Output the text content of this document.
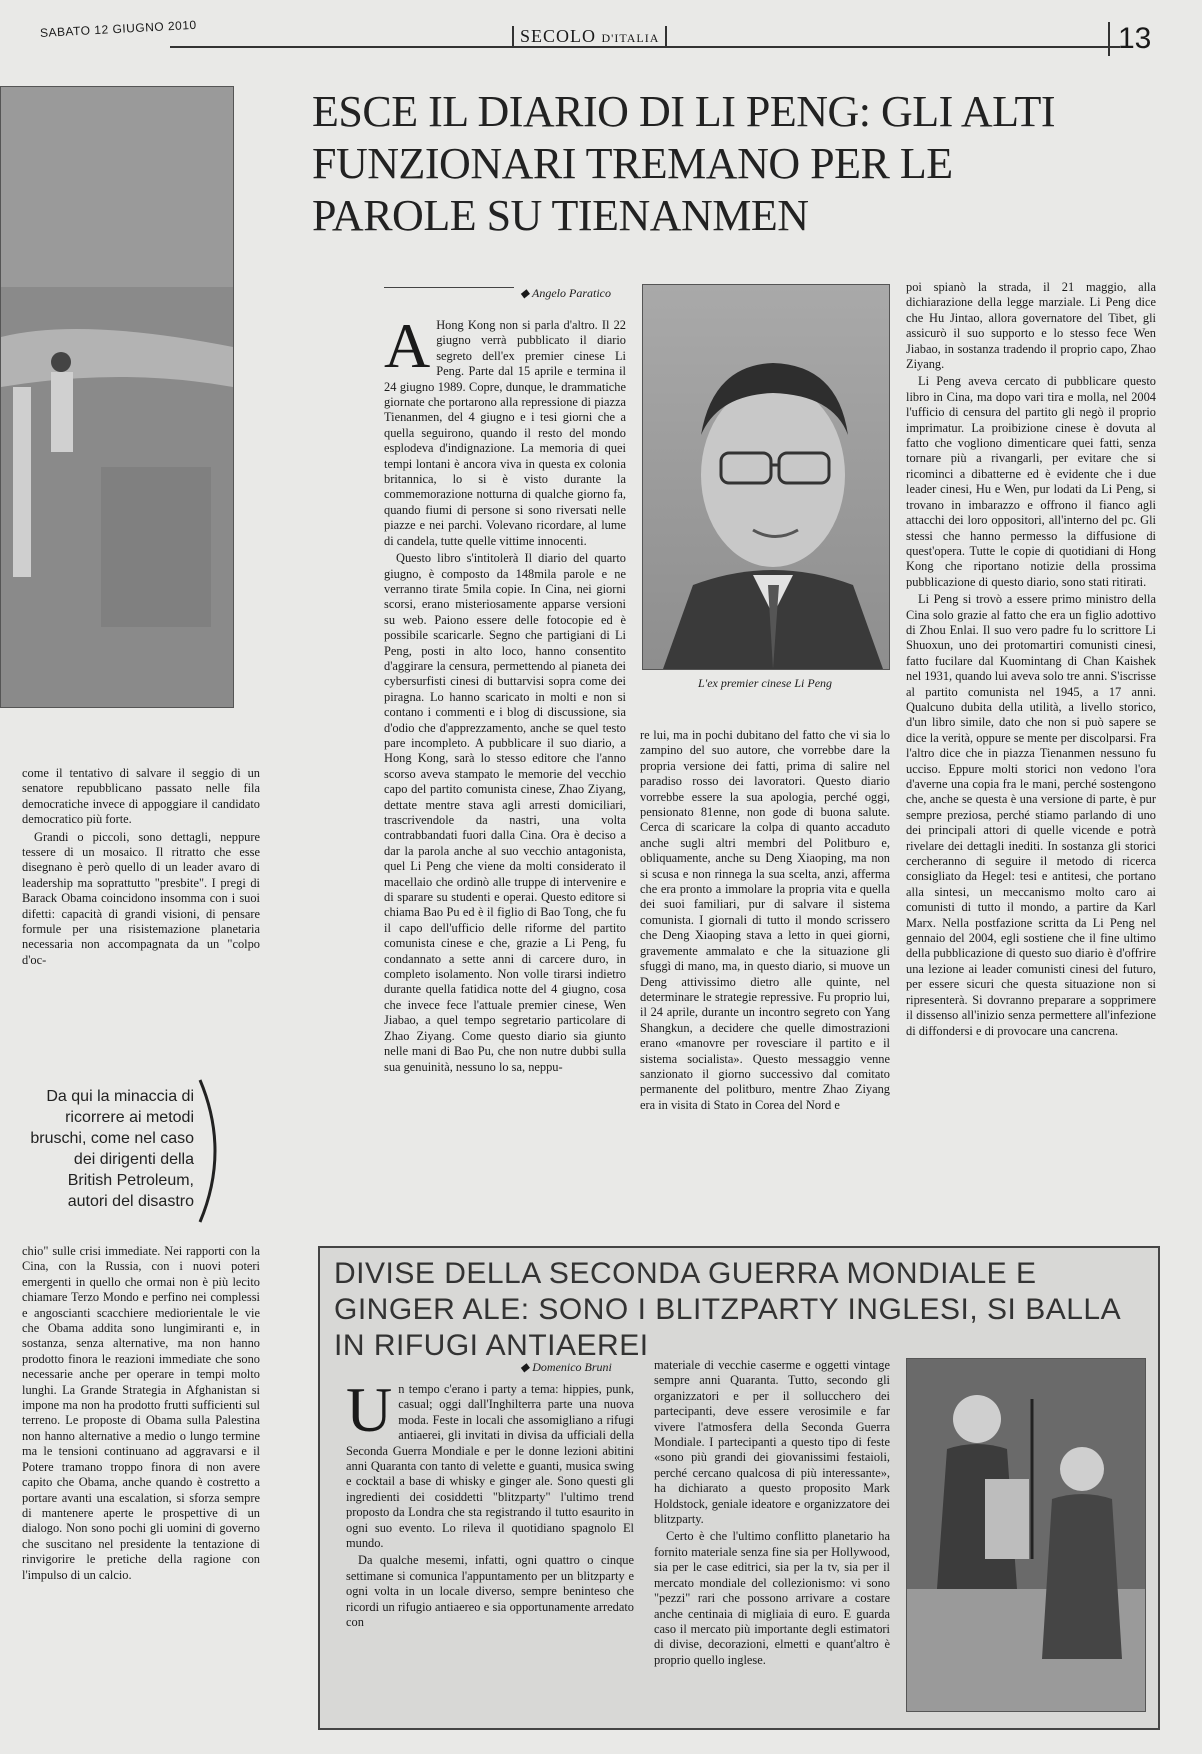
SABATO 12 GIUGNO 2010	SECOLO D'ITALIA	13
ESCE IL DIARIO DI LI PENG: GLI ALTI FUNZIONARI TREMANO PER LE PAROLE SU TIENANMEN
◆ Angelo Paratico
A Hong Kong non si parla d'altro. Il 22 giugno verrà pubblicato il diario segreto dell'ex premier cinese Li Peng. Parte dal 15 aprile e termina il 24 giugno 1989. Copre, dunque, le drammatiche giornate che portarono alla repressione di piazza Tienanmen, del 4 giugno e i tesi giorni che a quella seguirono, quando il resto del mondo esplodeva d'indignazione. La memoria di quei tempi lontani è ancora viva in questa ex colonia britannica, lo si è visto durante la commemorazione notturna di qualche giorno fa, quando fiumi di persone si sono riversati nelle piazze e nei parchi. Volevano ricordare, al lume di candela, tutte quelle vittime innocenti.

Questo libro s'intitolerà Il diario del quarto giugno, è composto da 148mila parole e ne verranno tirate 5mila copie. In Cina, nei giorni scorsi, erano misteriosamente apparse versioni su web. Paiono essere delle fotocopie ed è possibile scaricarle. Segno che partigiani di Li Peng, posti in alto loco, hanno consentito d'aggirare la censura, permettendo al pianeta dei cybersurfisti cinesi di buttarvisi sopra come dei piragna. Lo hanno scaricato in molti e non si contano i commenti e i blog di discussione, sia d'odio che d'apprezzamento, anche se quel testo pare incompleto. A pubblicare il suo diario, a Hong Kong, sarà lo stesso editore che l'anno scorso aveva stampato le memorie del vecchio capo del partito comunista cinese, Zhao Ziyang, dettate mentre stava agli arresti domiciliari, trascrivendole da nastri, una volta contrabbandati fuori dalla Cina. Ora è deciso a dar la parola anche al suo vecchio antagonista, quel Li Peng che viene da molti considerato il macellaio che ordinò alle truppe di intervenire e di sparare su studenti e operai. Questo editore si chiama Bao Pu ed è il figlio di Bao Tong, che fu il capo dell'ufficio delle riforme del partito comunista cinese e che, grazie a Li Peng, fu condannato a sette anni di carcere duro, in completo isolamento. Non volle tirarsi indietro durante quella fatidica notte del 4 giugno, cosa che invece fece l'attuale premier cinese, Wen Jiabao, a quel tempo segretario particolare di Zhao Ziyang. Come questo diario sia giunto nelle mani di Bao Pu, che non nutre dubbi sulla sua genuinità, nessuno lo sa, neppu-

L'ex premier cinese Li Peng

re lui, ma in pochi dubitano del fatto che vi sia lo zampino del suo autore, che vorrebbe dare la propria versione dei fatti, prima di salire nel paradiso rosso dei lavoratori. Questo diario vorrebbe essere la sua apologia, perché oggi, pensionato 81enne, non gode di buona salute. Cerca di scaricare la colpa di quanto accaduto anche sugli altri membri del Politburo e, obliquamente, anche su Deng Xiaoping, ma non si scusa e non rinnega la sua scelta, anzi, afferma che era pronto a immolare la propria vita e quella dei suoi familiari, pur di salvare il sistema comunista. I giornali di tutto il mondo scrissero che Deng Xiaoping stava a letto in quei giorni, gravemente ammalato e che la situazione gli sfuggì di mano, ma, in questo diario, si muove un Deng attivissimo dietro alle quinte, nel determinare le strategie repressive. Fu proprio lui, il 24 aprile, durante un incontro segreto con Yang Shangkun, a decidere che quelle dimostrazioni erano «manovre per rovesciare il partito e il sistema socialista». Questo messaggio venne sanzionato il giorno successivo dal comitato permanente del politburo, mentre Zhao Ziyang era in visita di Stato in Corea del Nord e

poi spianò la strada, il 21 maggio, alla dichiarazione della legge marziale. Li Peng dice che Hu Jintao, allora governatore del Tibet, gli assicurò il suo supporto e lo stesso fece Wen Jiabao, in sostanza tradendo il proprio capo, Zhao Ziyang.

Li Peng aveva cercato di pubblicare questo libro in Cina, ma dopo vari tira e molla, nel 2004 l'ufficio di censura del partito gli negò il proprio imprimatur. La proibizione cinese è dovuta al fatto che vogliono dimenticare quei fatti, senza tornare più a rivangarli, per evitare che si ricominci a dibatterne ed è evidente che i due leader cinesi, Hu e Wen, pur lodati da Li Peng, si trovano in imbarazzo e offrono il fianco agli attacchi dei loro oppositori, all'interno del pc. Gli stessi che hanno permesso la diffusione di quest'opera. Tutte le copie di quotidiani di Hong Kong che riportano notizie della prossima pubblicazione di questo diario, sono stati ritirati.

Li Peng si trovò a essere primo ministro della Cina solo grazie al fatto che era un figlio adottivo di Zhou Enlai. Il suo vero padre fu lo scrittore Li Shuoxun, uno dei protomartiri comunisti cinesi, fatto fucilare dal Kuomintang di Chan Kaishek nel 1931, quando lui aveva solo tre anni. S'iscrisse al partito comunista nel 1945, a 17 anni. Qualcuno dubita della utilità, a livello storico, d'un libro simile, dato che non si può sapere se dice la verità, oppure se mente per discolparsi. Fra l'altro dice che in piazza Tienanmen nessuno fu ucciso. Eppure molti storici non vedono l'ora d'averne una copia fra le mani, perché sostengono che, anche se questa è una versione di parte, è pur sempre preziosa, perché stiamo parlando di uno dei principali attori di quelle vicende e potrà rivelare dei dettagli inediti. In sostanza gli storici cercheranno di seguire il metodo di ricerca consigliato da Hegel: tesi e antitesi, che portano alla sintesi, un meccanismo molto caro ai comunisti di tutto il mondo, a partire da Karl Marx. Nella postfazione scritta da Li Peng nel gennaio del 2004, egli sostiene che il fine ultimo della pubblicazione di questo suo diario è d'offrire una lezione ai leader comunisti cinesi del futuro, per essere sicuri che questa situazione non si ripresenterà. Si dovranno preparare a sopprimere il dissenso all'inizio senza permettere all'infezione di diffondersi e di provocare una cancrena.

come il tentativo di salvare il seggio di un senatore repubblicano passato nelle fila democratiche invece di appoggiare il candidato democratico più forte.

Grandi o piccoli, sono dettagli, neppure tessere di un mosaico. Il ritratto che esse disegnano è però quello di un leader avaro di leadership ma soprattutto "presbite". I pregi di Barack Obama coincidono insomma con i suoi difetti: capacità di grandi visioni, di pensare formule per una risistemazione planetaria necessaria non accompagnata da un "colpo d'oc-

Da qui la minaccia di ricorrere ai metodi bruschi, come nel caso dei dirigenti della British Petroleum, autori del disastro

chio" sulle crisi immediate. Nei rapporti con la Cina, con la Russia, con i nuovi poteri emergenti in quello che ormai non è più lecito chiamare Terzo Mondo e perfino nei complessi e angoscianti scacchiere mediorientale le vie che Obama addita sono lungimiranti e, in sostanza, senza alternative, ma non hanno prodotto finora le reazioni immediate che sono necessarie anche per operare in tempi molto lunghi. La Grande Strategia in Afghanistan si impone ma non ha prodotto frutti sufficienti sul terreno. Le proposte di Obama sulla Palestina non hanno alternative a medio o lungo termine ma le tensioni continuano ad aggravarsi e il Potere tramano troppo finora di non avere capito che Obama, anche quando è costretto a portare avanti una escalation, si sforza sempre di mantenere aperte le prospettive di un dialogo. Non sono pochi gli uomini di governo che suscitano nel presidente la tentazione di rinvigorire le pretiche della ragione con l'impulso di un calcio.

DIVISE DELLA SECONDA GUERRA MONDIALE E GINGER ALE: SONO I BLITZPARTY INGLESI, SI BALLA IN RIFUGI ANTIAEREI
◆ Domenico Bruni
U n tempo c'erano i party a tema: hippies, punk, casual; oggi dall'Inghilterra parte una nuova moda. Feste in locali che assomigliano a rifugi antiaerei, gli invitati in divisa da ufficiali della Seconda Guerra Mondiale e per le donne lezioni abitini anni Quaranta con tanto di velette e guanti, musica swing e cocktail a base di whisky e ginger ale. Sono questi gli ingredienti dei cosiddetti "blitzparty" l'ultimo trend proposto da Londra che sta registrando il tutto esaurito in ogni suo evento. Lo rileva il quotidiano spagnolo El mundo.

Da qualche mesemi, infatti, ogni quattro o cinque settimane si comunica l'appuntamento per un blitzparty e ogni volta in un locale diverso, sempre beninteso che ricordi un rifugio antiaereo e sia opportunamente arredato con

materiale di vecchie caserme e oggetti vintage sempre anni Quaranta. Tutto, secondo gli organizzatori e per il sollucchero dei partecipanti, deve essere verosimile e far vivere l'atmosfera della Seconda Guerra Mondiale. I partecipanti a questo tipo di feste «sono più grandi dei giovanissimi festaioli, perché cercano qualcosa di più interessante», ha dichiarato a questo proposito Mark Holdstock, geniale ideatore e organizzatore dei blitzparty.

Certo è che l'ultimo conflitto planetario ha fornito materiale senza fine sia per Hollywood, sia per le case editrici, sia per la tv, sia per il mercato mondiale del collezionismo: vi sono "pezzi" rari che possono arrivare a costare anche centinaia di migliaia di euro. E guarda caso il mercato più importante degli estimatori di divise, decorazioni, elmetti e quant'altro è proprio quello inglese.
